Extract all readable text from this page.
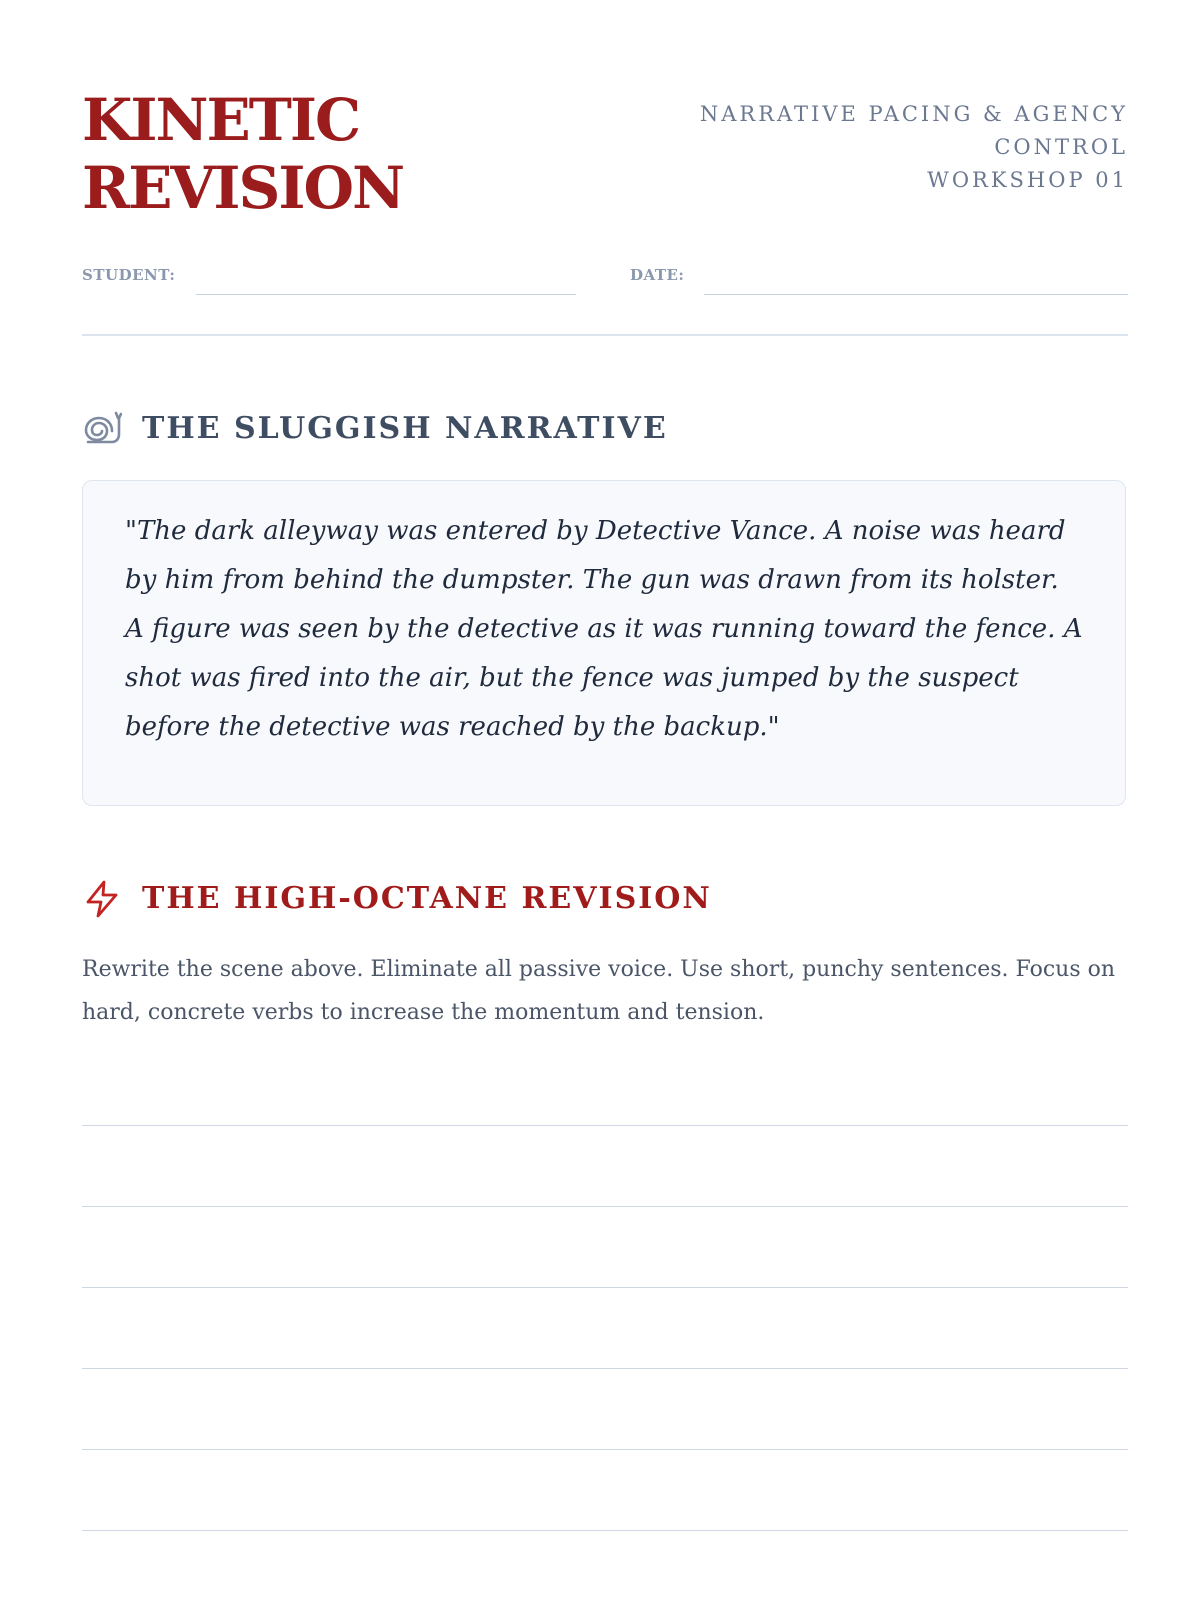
KINETIC
REVISION
NARRATIVE PACING & AGENCY
CONTROL
WORKSHOP 01
STUDENT:	DATE:
THE SLUGGISH NARRATIVE

"The dark alleyway was entered by Detective Vance. A noise was heard by him from behind the dumpster. The gun was drawn from its holster. A figure was seen by the detective as it was running toward the fence. A shot was fired into the air, but the fence was jumped by the suspect before the detective was reached by the backup."

THE HIGH-OCTANE REVISION

Rewrite the scene above. Eliminate all passive voice. Use short, punchy sentences. Focus on hard, concrete verbs to increase the momentum and tension.
